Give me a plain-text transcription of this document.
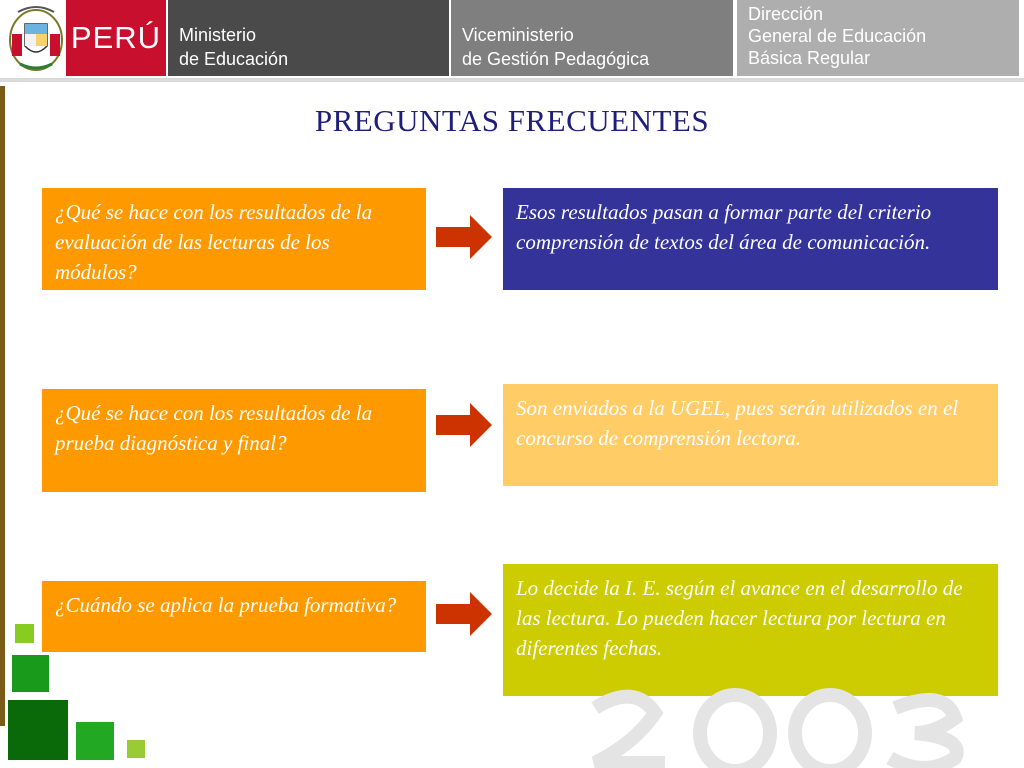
PERÚ Ministerio
de Educación
Viceministerio
de Gestión Pedagógica
Dirección
General de Educación
Básica Regular
PREGUNTAS FRECUENTES
¿Qué se hace con los resultados de la evaluación de las lecturas de los módulos?
Esos resultados pasan a formar parte del criterio comprensión de textos del área de comunicación.
¿Qué se hace con los resultados de la prueba diagnóstica y final?
Son enviados a la UGEL, pues serán utilizados en el concurso de comprensión lectora.
¿Cuándo se aplica la prueba formativa?
Lo decide la I. E. según el avance en el desarrollo de las lectura. Lo pueden hacer lectura por lectura en diferentes fechas.
